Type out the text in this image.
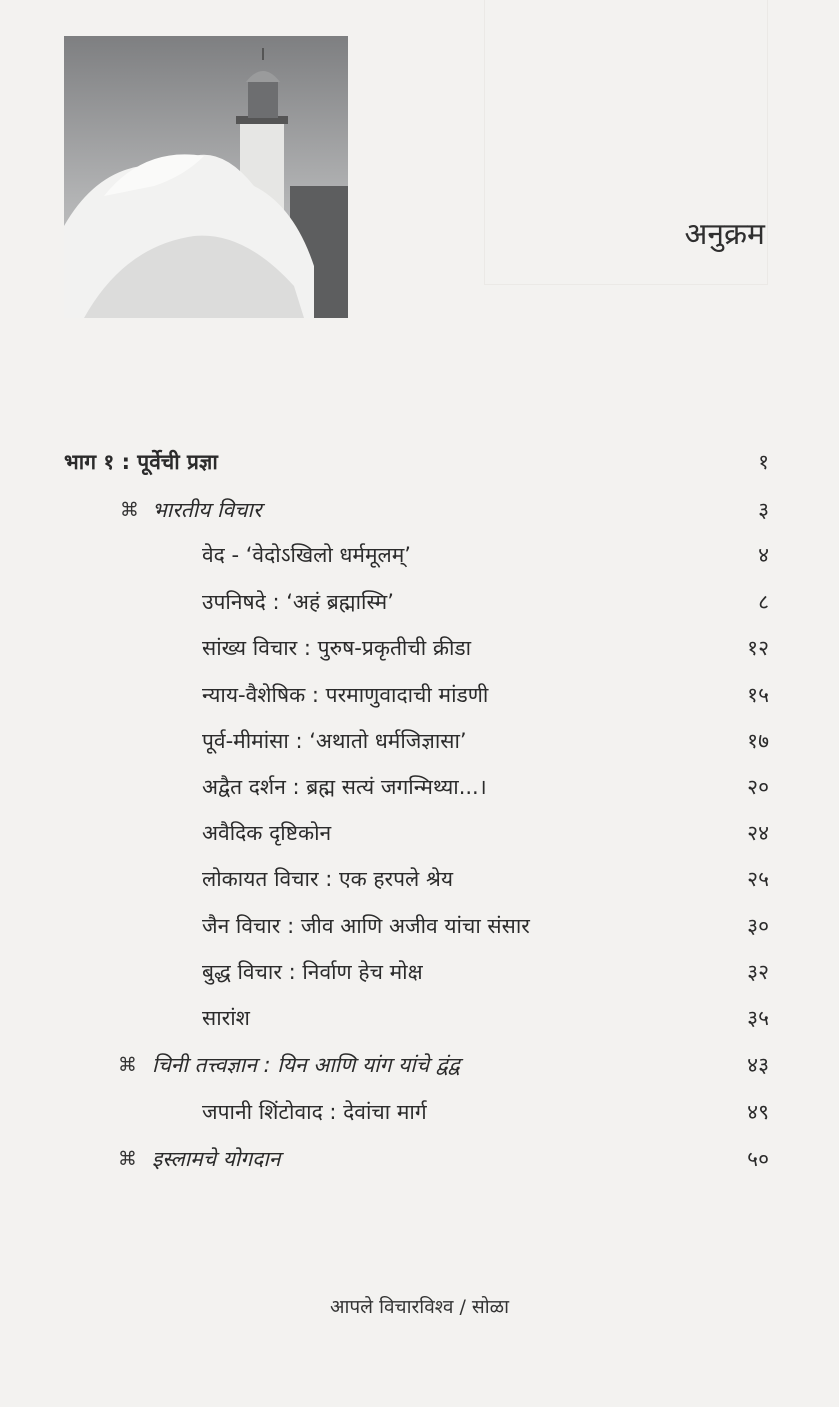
अनुक्रम
भाग १ : पूर्वेची प्रज्ञा	१
⌘ भारतीय विचार	३
वेद - ‘वेदोऽखिलो धर्ममूलम्’	४
उपनिषदे : ‘अहं ब्रह्मास्मि’	८
सांख्य विचार : पुरुष-प्रकृतीची क्रीडा	१२
न्याय-वैशेषिक : परमाणुवादाची मांडणी	१५
पूर्व-मीमांसा : ‘अथातो धर्मजिज्ञासा’	१७
अद्वैत दर्शन : ब्रह्म सत्यं जगन्मिथ्या...।	२०
अवैदिक दृष्टिकोन	२४
लोकायत विचार : एक हरपले श्रेय	२५
जैन विचार : जीव आणि अजीव यांचा संसार	३०
बुद्ध विचार : निर्वाण हेच मोक्ष	३२
सारांश	३५
⌘ चिनी तत्त्वज्ञान : यिन आणि यांग यांचे द्वंद्व	४३
जपानी शिंटोवाद : देवांचा मार्ग	४९
⌘ इस्लामचे योगदान	५०
आपले विचारविश्व / सोळा
